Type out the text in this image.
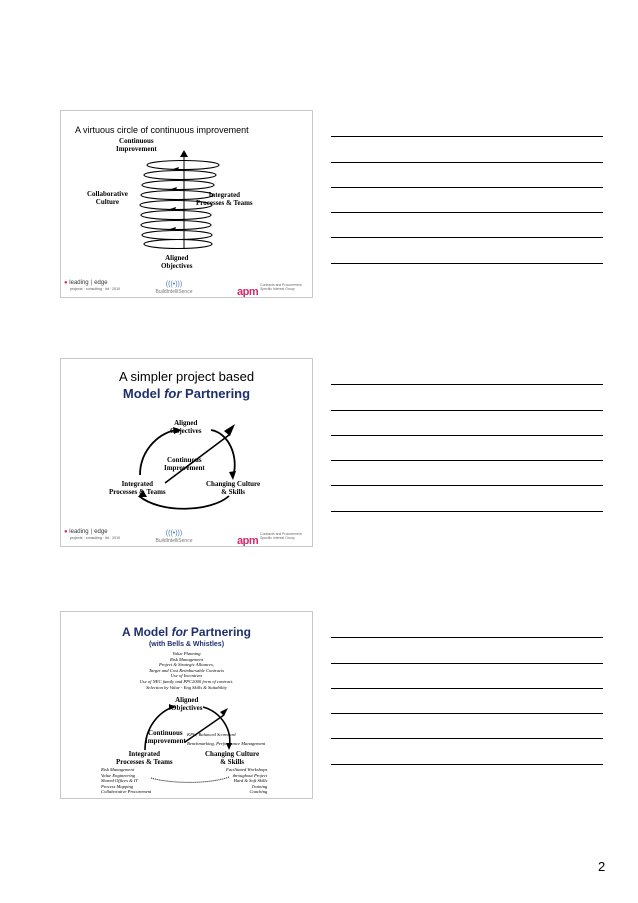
A virtuous circle of continuous improvement
Continuous
Improvement
Collaborative
Culture
Integrated
Processes & Teams
Aligned
Objectives
● leading | edge
projects · consulting · ltd · 2010
(((•)))
BuildIntelliSence	apmContracts and Procurement
Specific Interest Group
A simpler project based
Model for Partnering
Aligned
Objectives
Continuous
Improvement
Integrated
Processes & Teams
Changing Culture
& Skills
● leading | edge
projects · consulting · ltd · 2010
(((•)))
BuildIntelliSence	apmContracts and Procurement
Specific Interest Group
A Model for Partnering
(with Bells & Whistles)
Value Planning
Risk Management
Project & Strategic Alliances,
Target and Cost Reimbursable Contracts
Use of Incentives
Use of NEC family and PPC2000 form of contract.
Selection by Value - Eng Skills & Suitability
Aligned
Objectives
Continuous
Improvement
KPIs, Balanced Scorecard
Benchmarking, Performance Management
Integrated
Processes & Teams
Changing Culture
& Skills
Risk Management
Value Engineering
Shared Offices & IT
Process Mapping
Collaborative Procurement
Facilitated Workshops
throughout Project
Hard & Soft Skills
Training
Coaching
2
